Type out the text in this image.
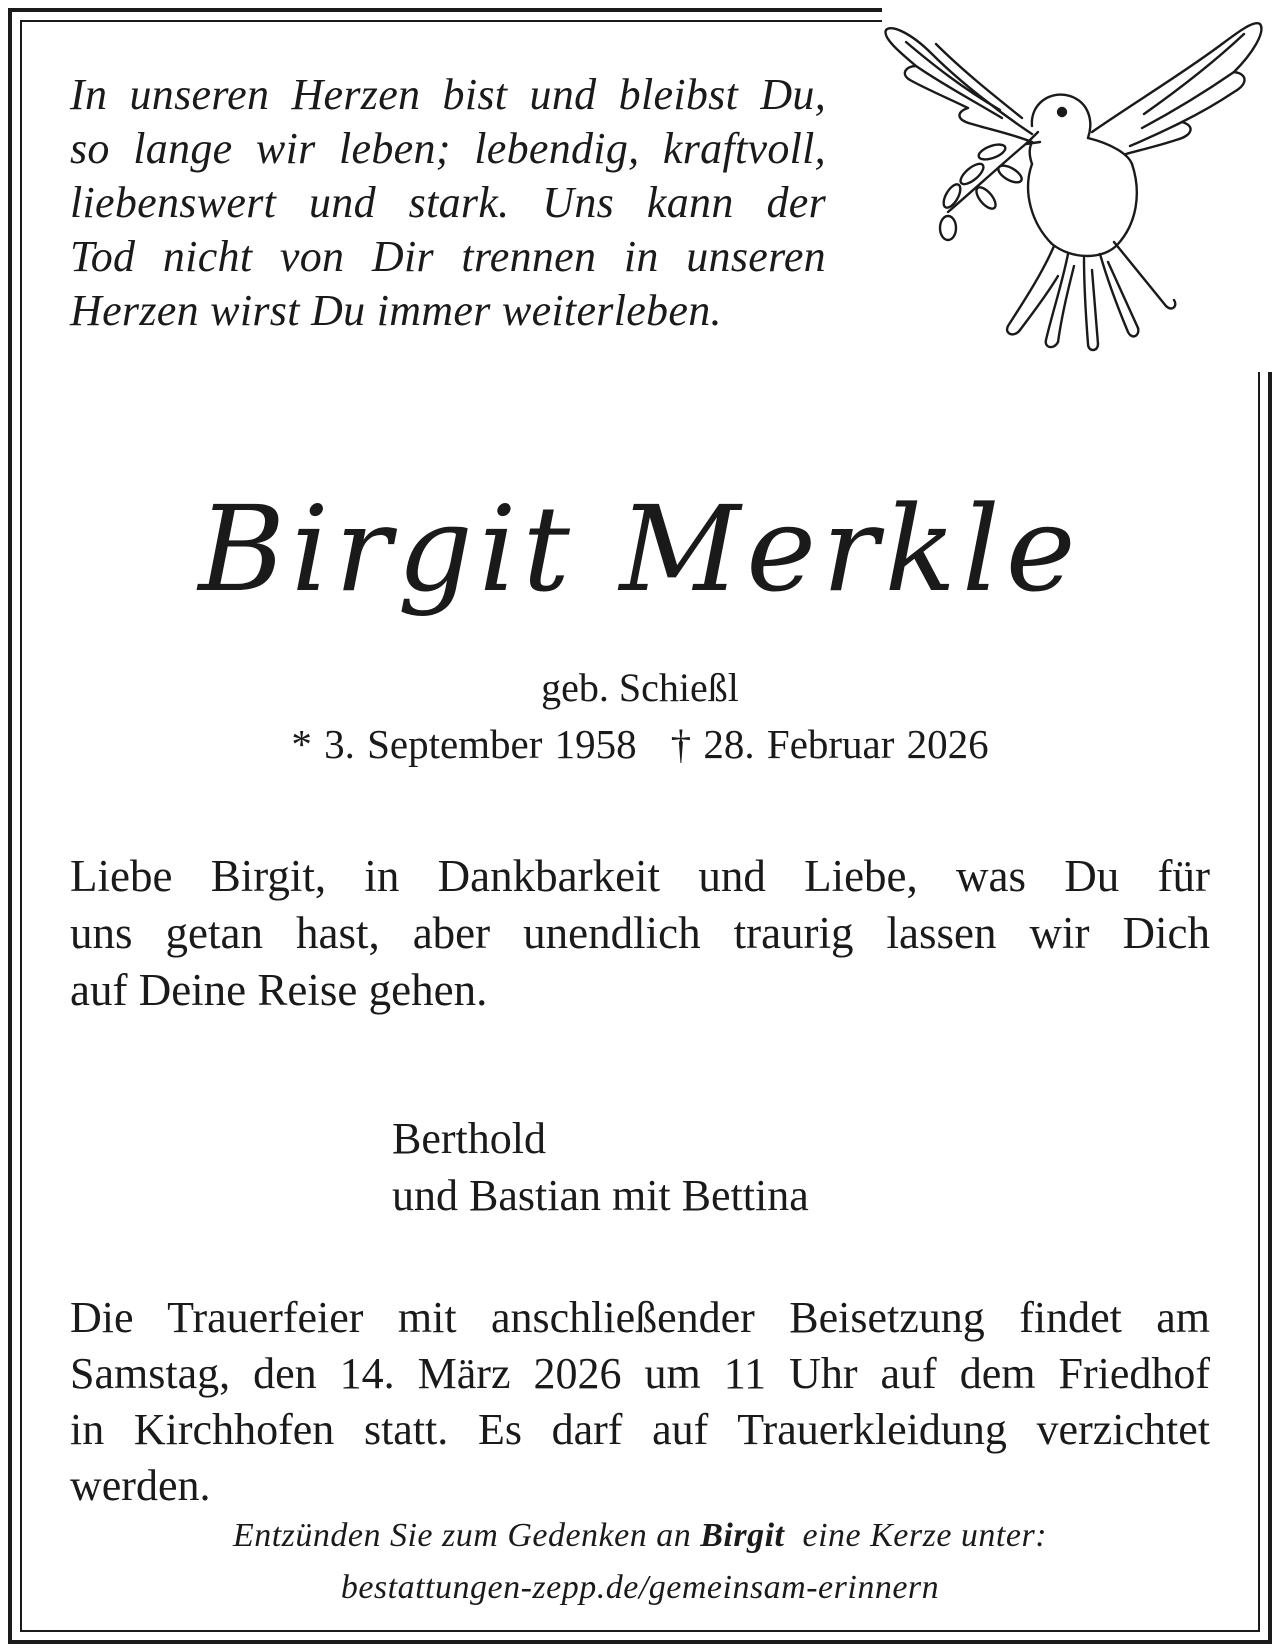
In unseren Herzen bist und bleibst Du,
so lange wir leben; lebendig, kraftvoll,
liebenswert und stark. Uns kann der
Tod nicht von Dir trennen in unseren
Herzen wirst Du immer weiterleben.
Birgit Merkle
geb. Schießl
* 3. September 1958 † 28. Februar 2026
Liebe Birgit, in Dankbarkeit und Liebe, was Du für
uns getan hast, aber unendlich traurig lassen wir Dich
auf Deine Reise gehen.
Berthold
und Bastian mit Bettina
Die Trauerfeier mit anschließender Beisetzung findet am
Samstag, den 14. März 2026 um 11 Uhr auf dem Friedhof
in Kirchhofen statt. Es darf auf Trauerkleidung verzichtet
werden.
Entzünden Sie zum Gedenken an Birgit eine Kerze unter:
bestattungen-zepp.de/gemeinsam-erinnern
